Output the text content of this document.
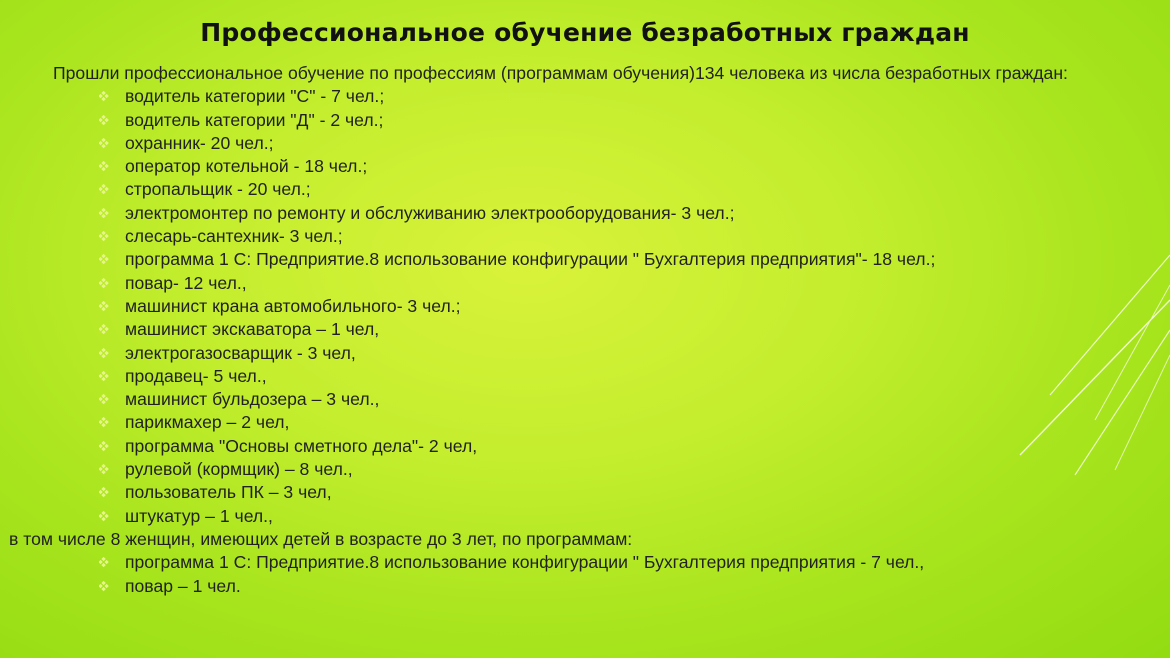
Профессиональное обучение безработных граждан

Прошли профессиональное обучение по профессиям (программам обучения)134 человека из числа безработных граждан:

водитель категории "С" - 7 чел.;
водитель категории "Д" - 2 чел.;
охранник- 20 чел.;
оператор котельной - 18 чел.;
стропальщик - 20 чел.;
электромонтер по ремонту и обслуживанию электрооборудования- 3 чел.;
слесарь-сантехник- 3 чел.;
программа 1 С: Предприятие.8 использование конфигурации " Бухгалтерия предприятия"- 18 чел.;
повар- 12 чел.,
машинист крана автомобильного- 3 чел.;
машинист экскаватора – 1 чел,
электрогазосварщик - 3 чел,
продавец- 5 чел.,
машинист бульдозера – 3 чел.,
парикмахер – 2 чел,
программа "Основы сметного дела"- 2 чел,
рулевой (кормщик) – 8 чел.,
пользователь ПК – 3 чел,
штукатур – 1 чел.,

в том числе 8 женщин, имеющих детей в возрасте до 3 лет, по программам:

программа 1 С: Предприятие.8 использование конфигурации " Бухгалтерия предприятия - 7 чел.,
повар – 1 чел.
